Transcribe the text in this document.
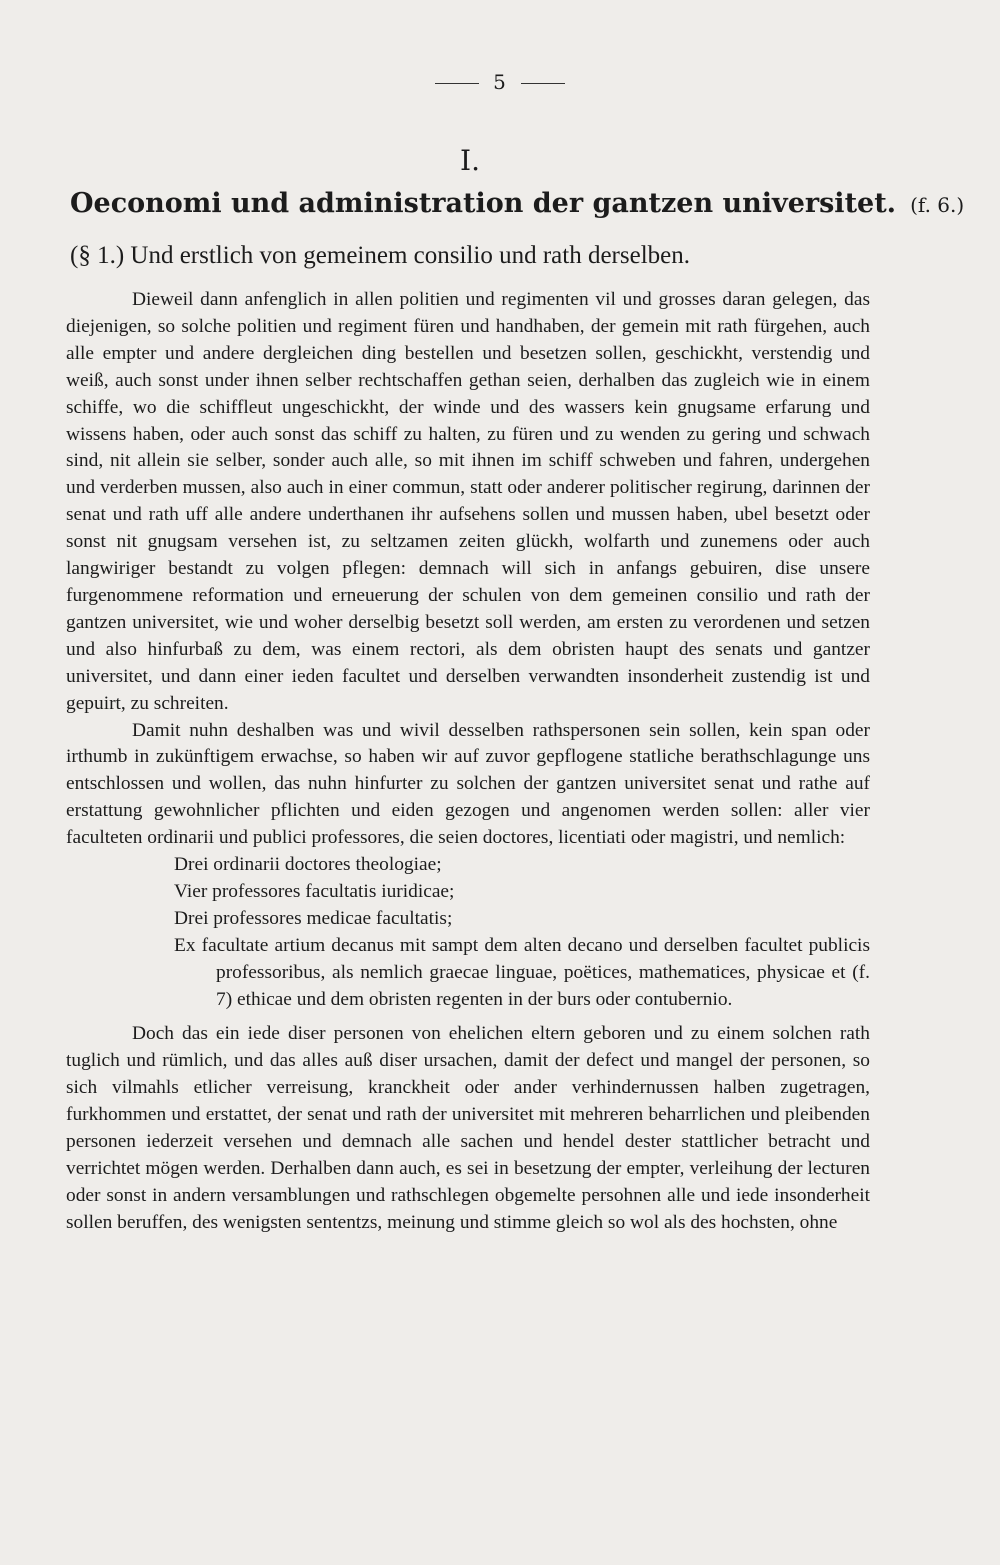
5
I.
Oeconomi und administration der gantzen universitet. (f. 6.)
(§ 1.) Und erstlich von gemeinem consilio und rath derselben.

Dieweil dann anfenglich in allen politien und regimenten vil und grosses daran gelegen, das diejenigen, so solche politien und regiment füren und handhaben, der gemein mit rath fürgehen, auch alle empter und andere dergleichen ding bestellen und besetzen sollen, geschickht, verstendig und weiß, auch sonst under ihnen selber rechtschaffen gethan seien, derhalben das zugleich wie in einem schiffe, wo die schiffleut ungeschickht, der winde und des wassers kein gnugsame erfarung und wissens haben, oder auch sonst das schiff zu halten, zu füren und zu wenden zu gering und schwach sind, nit allein sie selber, sonder auch alle, so mit ihnen im schiff schweben und fahren, undergehen und verderben mussen, also auch in einer commun, statt oder anderer politischer regirung, darinnen der senat und rath uff alle andere underthanen ihr aufsehens sollen und mussen haben, ubel besetzt oder sonst nit gnugsam versehen ist, zu seltzamen zeiten glückh, wolfarth und zunemens oder auch langwiriger bestandt zu volgen pflegen: demnach will sich in anfangs gebuiren, dise unsere furgenommene reformation und erneuerung der schulen von dem gemeinen consilio und rath der gantzen universitet, wie und woher derselbig besetzt soll werden, am ersten zu verordenen und setzen und also hinfurbaß zu dem, was einem rectori, als dem obristen haupt des senats und gantzer universitet, und dann einer ieden facultet und derselben verwandten insonderheit zustendig ist und gepuirt, zu schreiten.

Damit nuhn deshalben was und wivil desselben rathspersonen sein sollen, kein span oder irthumb in zukünftigem erwachse, so haben wir auf zuvor gepflogene statliche berathschlagunge uns entschlossen und wollen, das nuhn hinfurter zu solchen der gantzen universitet senat und rathe auf erstattung gewohnlicher pflichten und eiden gezogen und angenomen werden sollen: aller vier faculteten ordinarii und publici professores, die seien doctores, licentiati oder magistri, und nemlich:

Drei ordinarii doctores theologiae;
Vier professores facultatis iuridicae;
Drei professores medicae facultatis;
Ex facultate artium decanus mit sampt dem alten decano und derselben facultet publicis professoribus, als nemlich graecae linguae, poëtices, mathematices, physicae et (f. 7) ethicae und dem obristen regenten in der burs oder contubernio.

Doch das ein iede diser personen von ehelichen eltern geboren und zu einem solchen rath tuglich und rümlich, und das alles auß diser ursachen, damit der defect und mangel der personen, so sich vilmahls etlicher verreisung, kranckheit oder ander verhindernussen halben zugetragen, furkhommen und erstattet, der senat und rath der universitet mit mehreren beharrlichen und pleibenden personen iederzeit versehen und demnach alle sachen und hendel dester stattlicher betracht und verrichtet mögen werden. Derhalben dann auch, es sei in besetzung der empter, verleihung der lecturen oder sonst in andern versamblungen und rathschlegen obgemelte persohnen alle und iede insonderheit sollen beruffen, des wenigsten sententzs, meinung und stimme gleich so wol als des hochsten, ohne
